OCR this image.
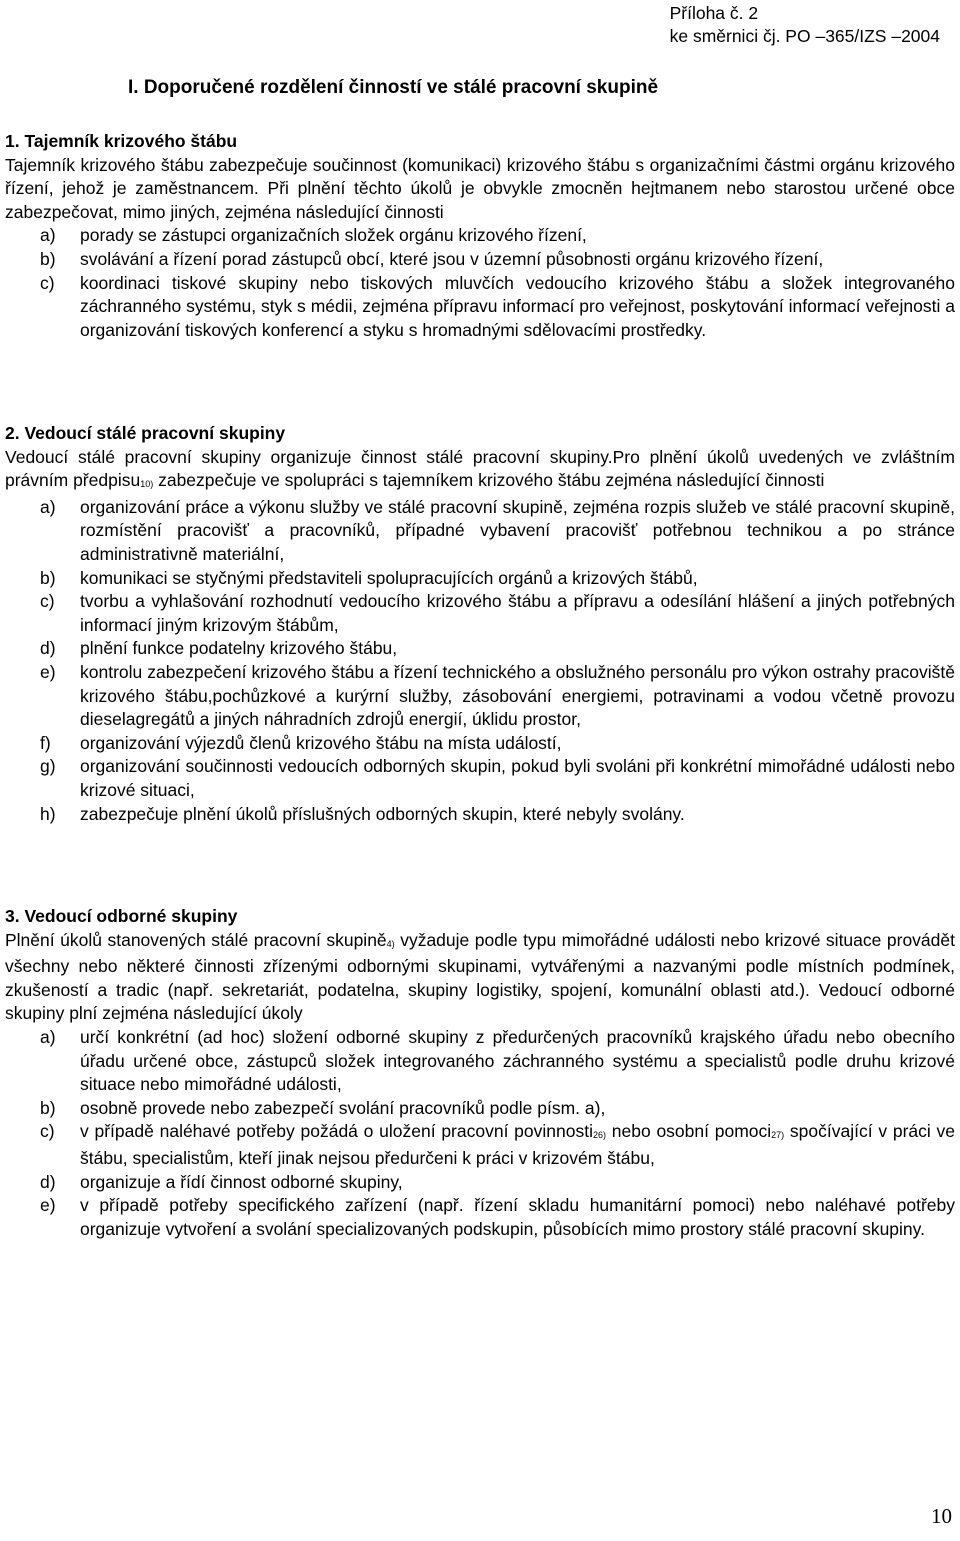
Příloha č. 2
ke směrnici čj. PO –365/IZS –2004
I. Doporučené rozdělení činností ve stálé pracovní skupině
1. Tajemník krizového štábu
Tajemník krizového štábu zabezpečuje součinnost (komunikaci) krizového štábu s organizačními částmi orgánu krizového řízení, jehož je zaměstnancem. Při plnění těchto úkolů je obvykle zmocněn hejtmanem nebo starostou určené obce zabezpečovat, mimo jiných, zejména následující činnosti
a)	porady se zástupci organizačních složek orgánu krizového řízení,
b)	svolávání a řízení porad zástupců obcí, které jsou v územní působnosti orgánu krizového řízení,
c)	koordinaci tiskové skupiny nebo tiskových mluvčích vedoucího krizového štábu a složek integrovaného záchranného systému, styk s médii, zejména přípravu informací pro veřejnost, poskytování informací veřejnosti a organizování tiskových konferencí a styku s hromadnými sdělovacími prostředky.
2. Vedoucí stálé pracovní skupiny
Vedoucí stálé pracovní skupiny organizuje činnost stálé pracovní skupiny.Pro plnění úkolů uvedených ve zvláštním právním předpisu$_{10)}$ zabezpečuje ve spolupráci s tajemníkem krizového štábu zejména následující činnosti
a)	organizování práce a výkonu služby ve stálé pracovní skupině, zejména rozpis služeb ve stálé pracovní skupině, rozmístění pracovišť a pracovníků, případné vybavení pracovišť potřebnou technikou a po stránce administrativně materiální,
b)	komunikaci se styčnými představiteli spolupracujících orgánů a krizových štábů,
c)	tvorbu a vyhlašování rozhodnutí vedoucího krizového štábu a přípravu a odesílání hlášení a jiných potřebných informací jiným krizovým štábům,
d)	plnění funkce podatelny krizového štábu,
e)	kontrolu zabezpečení krizového štábu a řízení technického a obslužného personálu pro výkon ostrahy pracoviště krizového štábu,pochůzkové a kurýrní služby, zásobování energiemi, potravinami a vodou včetně provozu dieselagregátů a jiných náhradních zdrojů energií, úklidu prostor,
f)	organizování výjezdů členů krizového štábu na místa událostí,
g)	organizování součinnosti vedoucích odborných skupin, pokud byli svoláni při konkrétní mimořádné události nebo krizové situaci,
h)	zabezpečuje plnění úkolů příslušných odborných skupin, které nebyly svolány.
3. Vedoucí odborné skupiny
Plnění úkolů stanovených stálé pracovní skupině$_{4)}$ vyžaduje podle typu mimořádné události nebo krizové situace provádět všechny nebo některé činnosti zřízenými odbornými skupinami, vytvářenými a nazvanými podle místních podmínek, zkušeností a tradic (např. sekretariát, podatelna, skupiny logistiky, spojení, komunální oblasti atd.). Vedoucí odborné skupiny plní zejména následující úkoly
a)	určí konkrétní (ad hoc) složení odborné skupiny z předurčených pracovníků krajského úřadu nebo obecního úřadu určené obce, zástupců složek integrovaného záchranného systému a specialistů podle druhu krizové situace nebo mimořádné události,
b)	osobně provede nebo zabezpečí svolání pracovníků podle písm. a),
c)	v případě naléhavé potřeby požádá o uložení pracovní povinnosti$_{26)}$ nebo osobní pomoci$_{27)}$ spočívající v práci ve štábu, specialistům, kteří jinak nejsou předurčeni k práci v krizovém štábu,
d)	organizuje a řídí činnost odborné skupiny,
e)	v případě potřeby specifického zařízení (např. řízení skladu humanitární pomoci) nebo naléhavé potřeby organizuje vytvoření a svolání specializovaných podskupin, působících mimo prostory stálé pracovní skupiny.
10
